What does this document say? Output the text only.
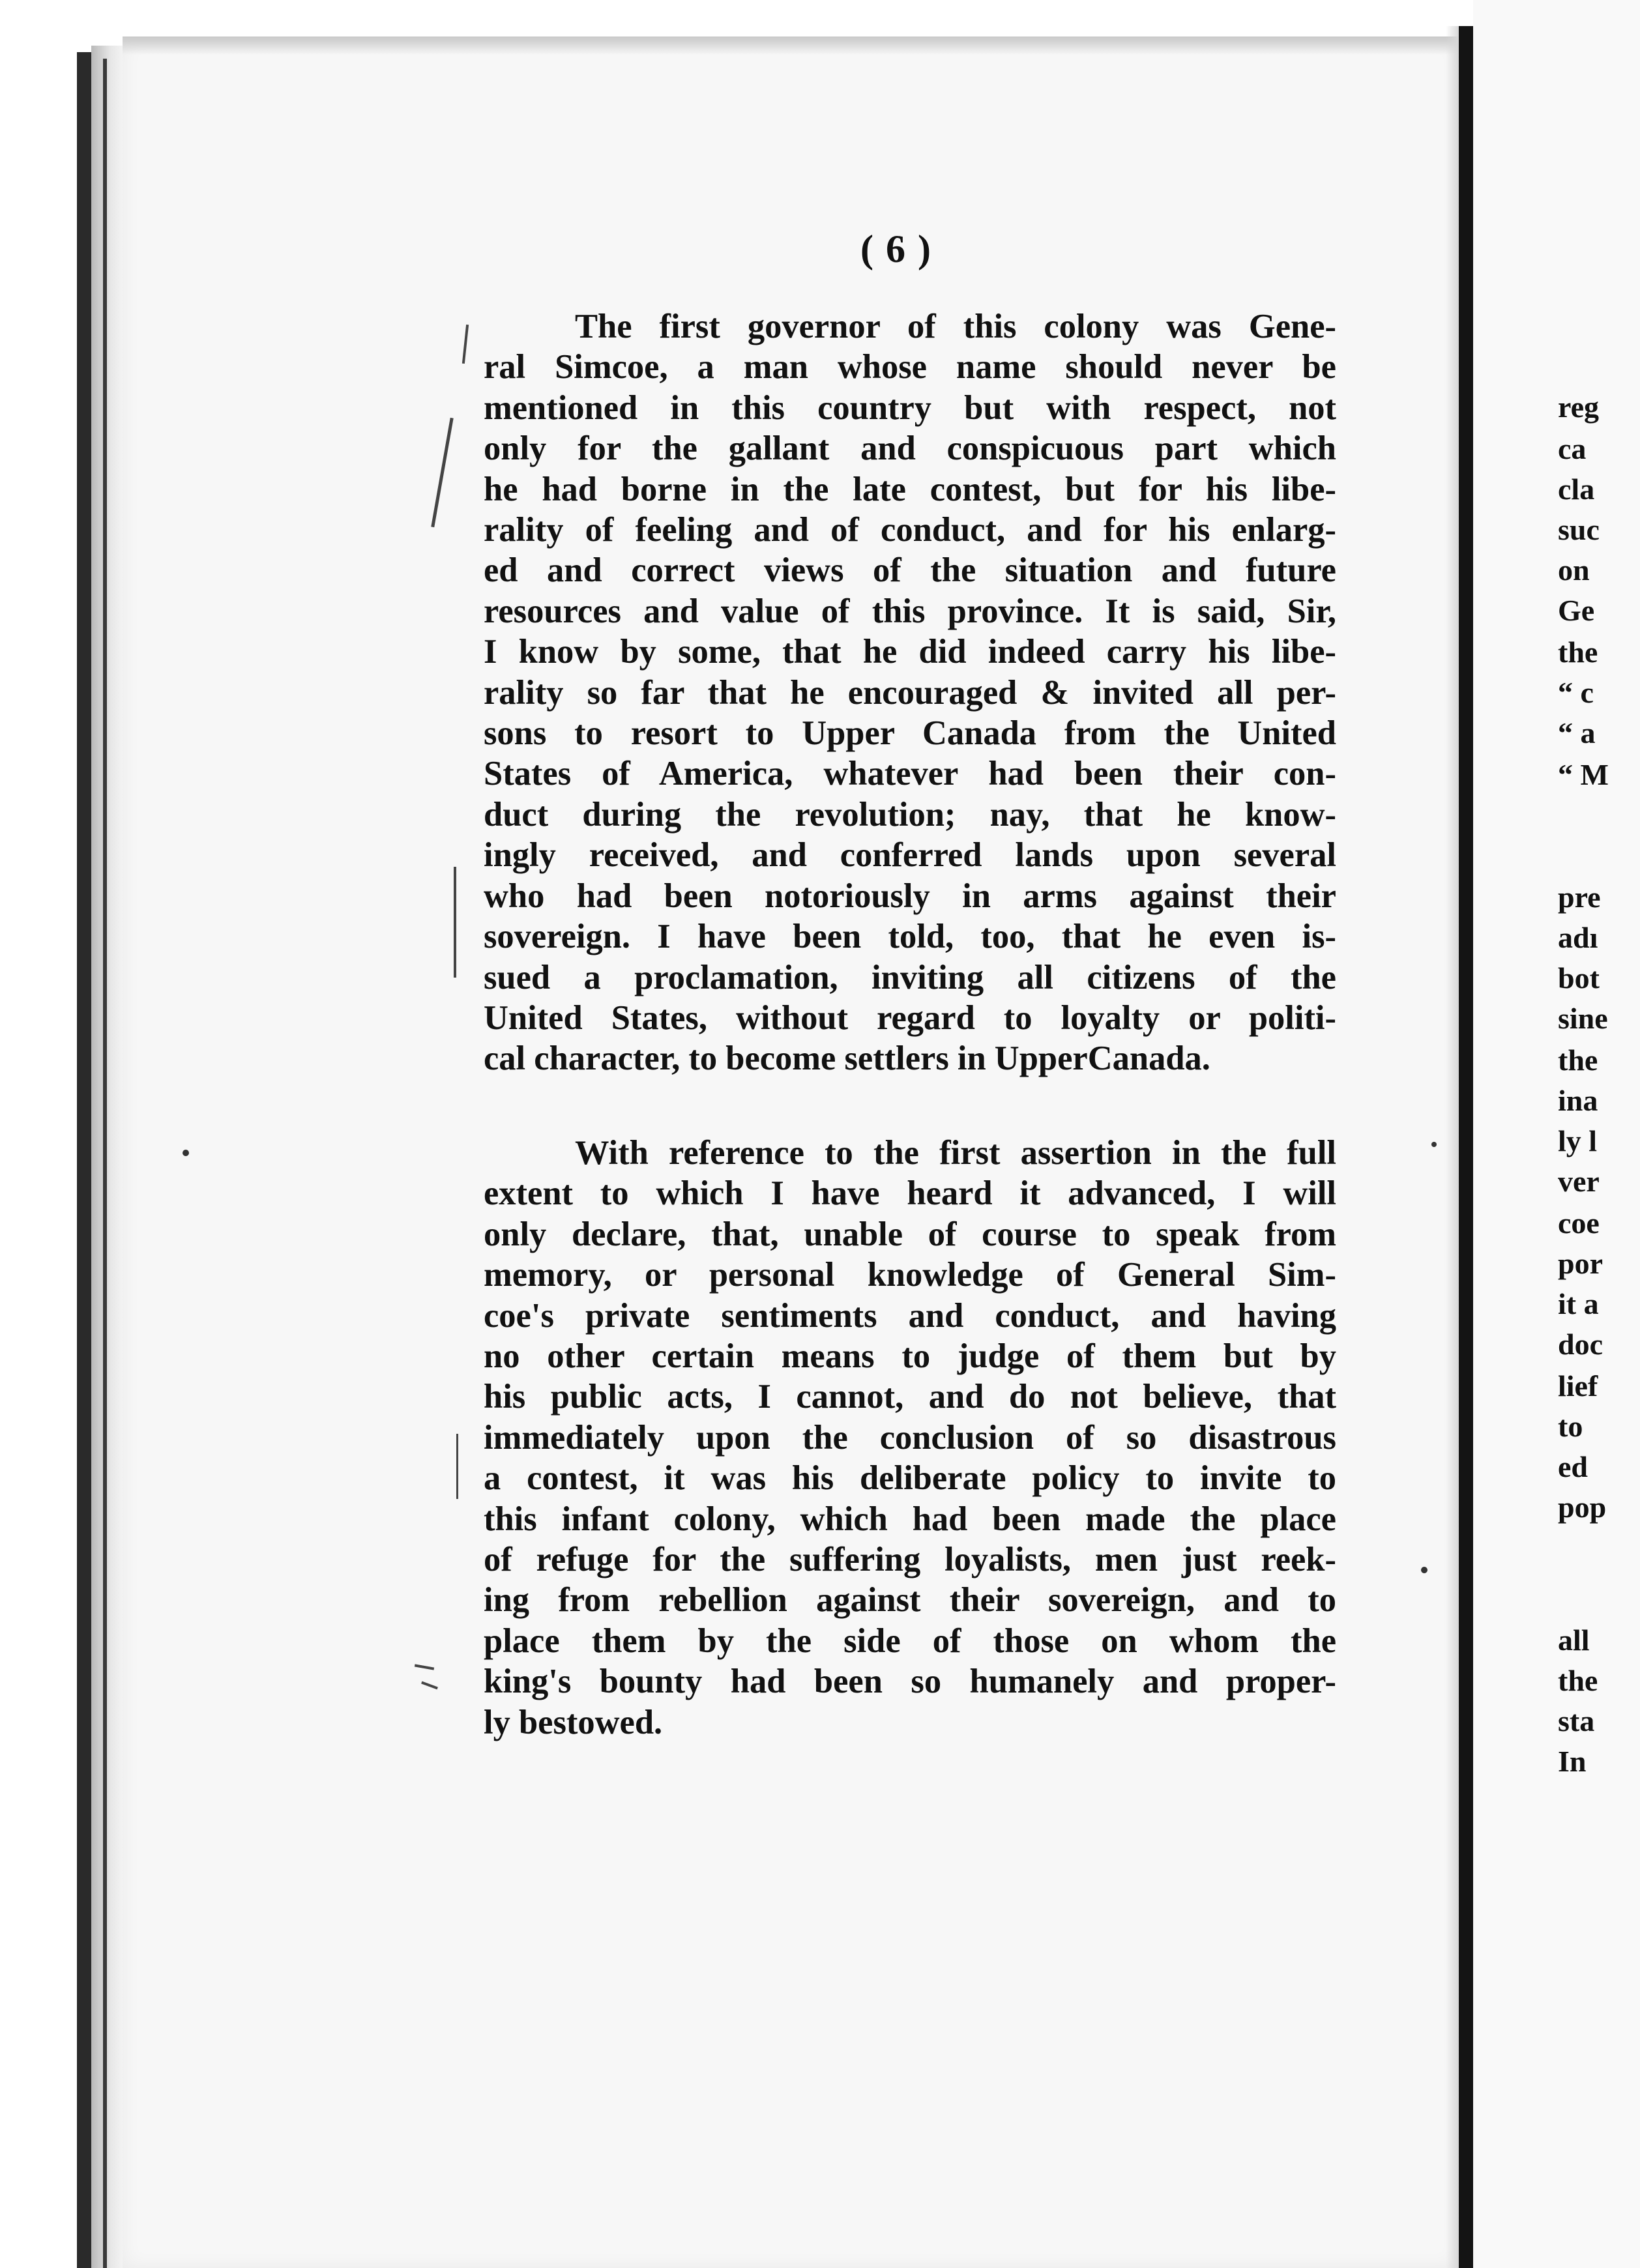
( 6 )
The first governor of this colony was Gene-
ral Simcoe, a man whose name should never be
mentioned in this country but with respect, not
only for the gallant and conspicuous part which
he had borne in the late contest, but for his libe-
rality of feeling and of conduct, and for his enlarg-
ed and correct views of the situation and future
resources and value of this province. It is said, Sir,
I know by some, that he did indeed carry his libe-
rality so far that he encouraged & invited all per-
sons to resort to Upper Canada from the United
States of America, whatever had been their con-
duct during the revolution; nay, that he know-
ingly received, and conferred lands upon several
who had been notoriously in arms against their
sovereign. I have been told, too, that he even is-
sued a proclamation, inviting all citizens of the
United States, without regard to loyalty or politi-
cal character, to become settlers in UpperCanada.
With reference to the first assertion in the full
extent to which I have heard it advanced, I will
only declare, that, unable of course to speak from
memory, or personal knowledge of General Sim-
coe's private sentiments and conduct, and having
no other certain means to judge of them but by
his public acts, I cannot, and do not believe, that
immediately upon the conclusion of so disastrous
a contest, it was his deliberate policy to invite to
this infant colony, which had been made the place
of refuge for the suffering loyalists, men just reek-
ing from rebellion against their sovereign, and to
place them by the side of those on whom the
king's bounty had been so humanely and proper-
ly bestowed.
reg
ca
cla
suc
on
Ge
the
“ c
“ a
“ M
pre
adı
bot
sine
the
ina
ly l
ver
coe
por
it a
doc
lief
to
ed
pop
all
the
sta
In
